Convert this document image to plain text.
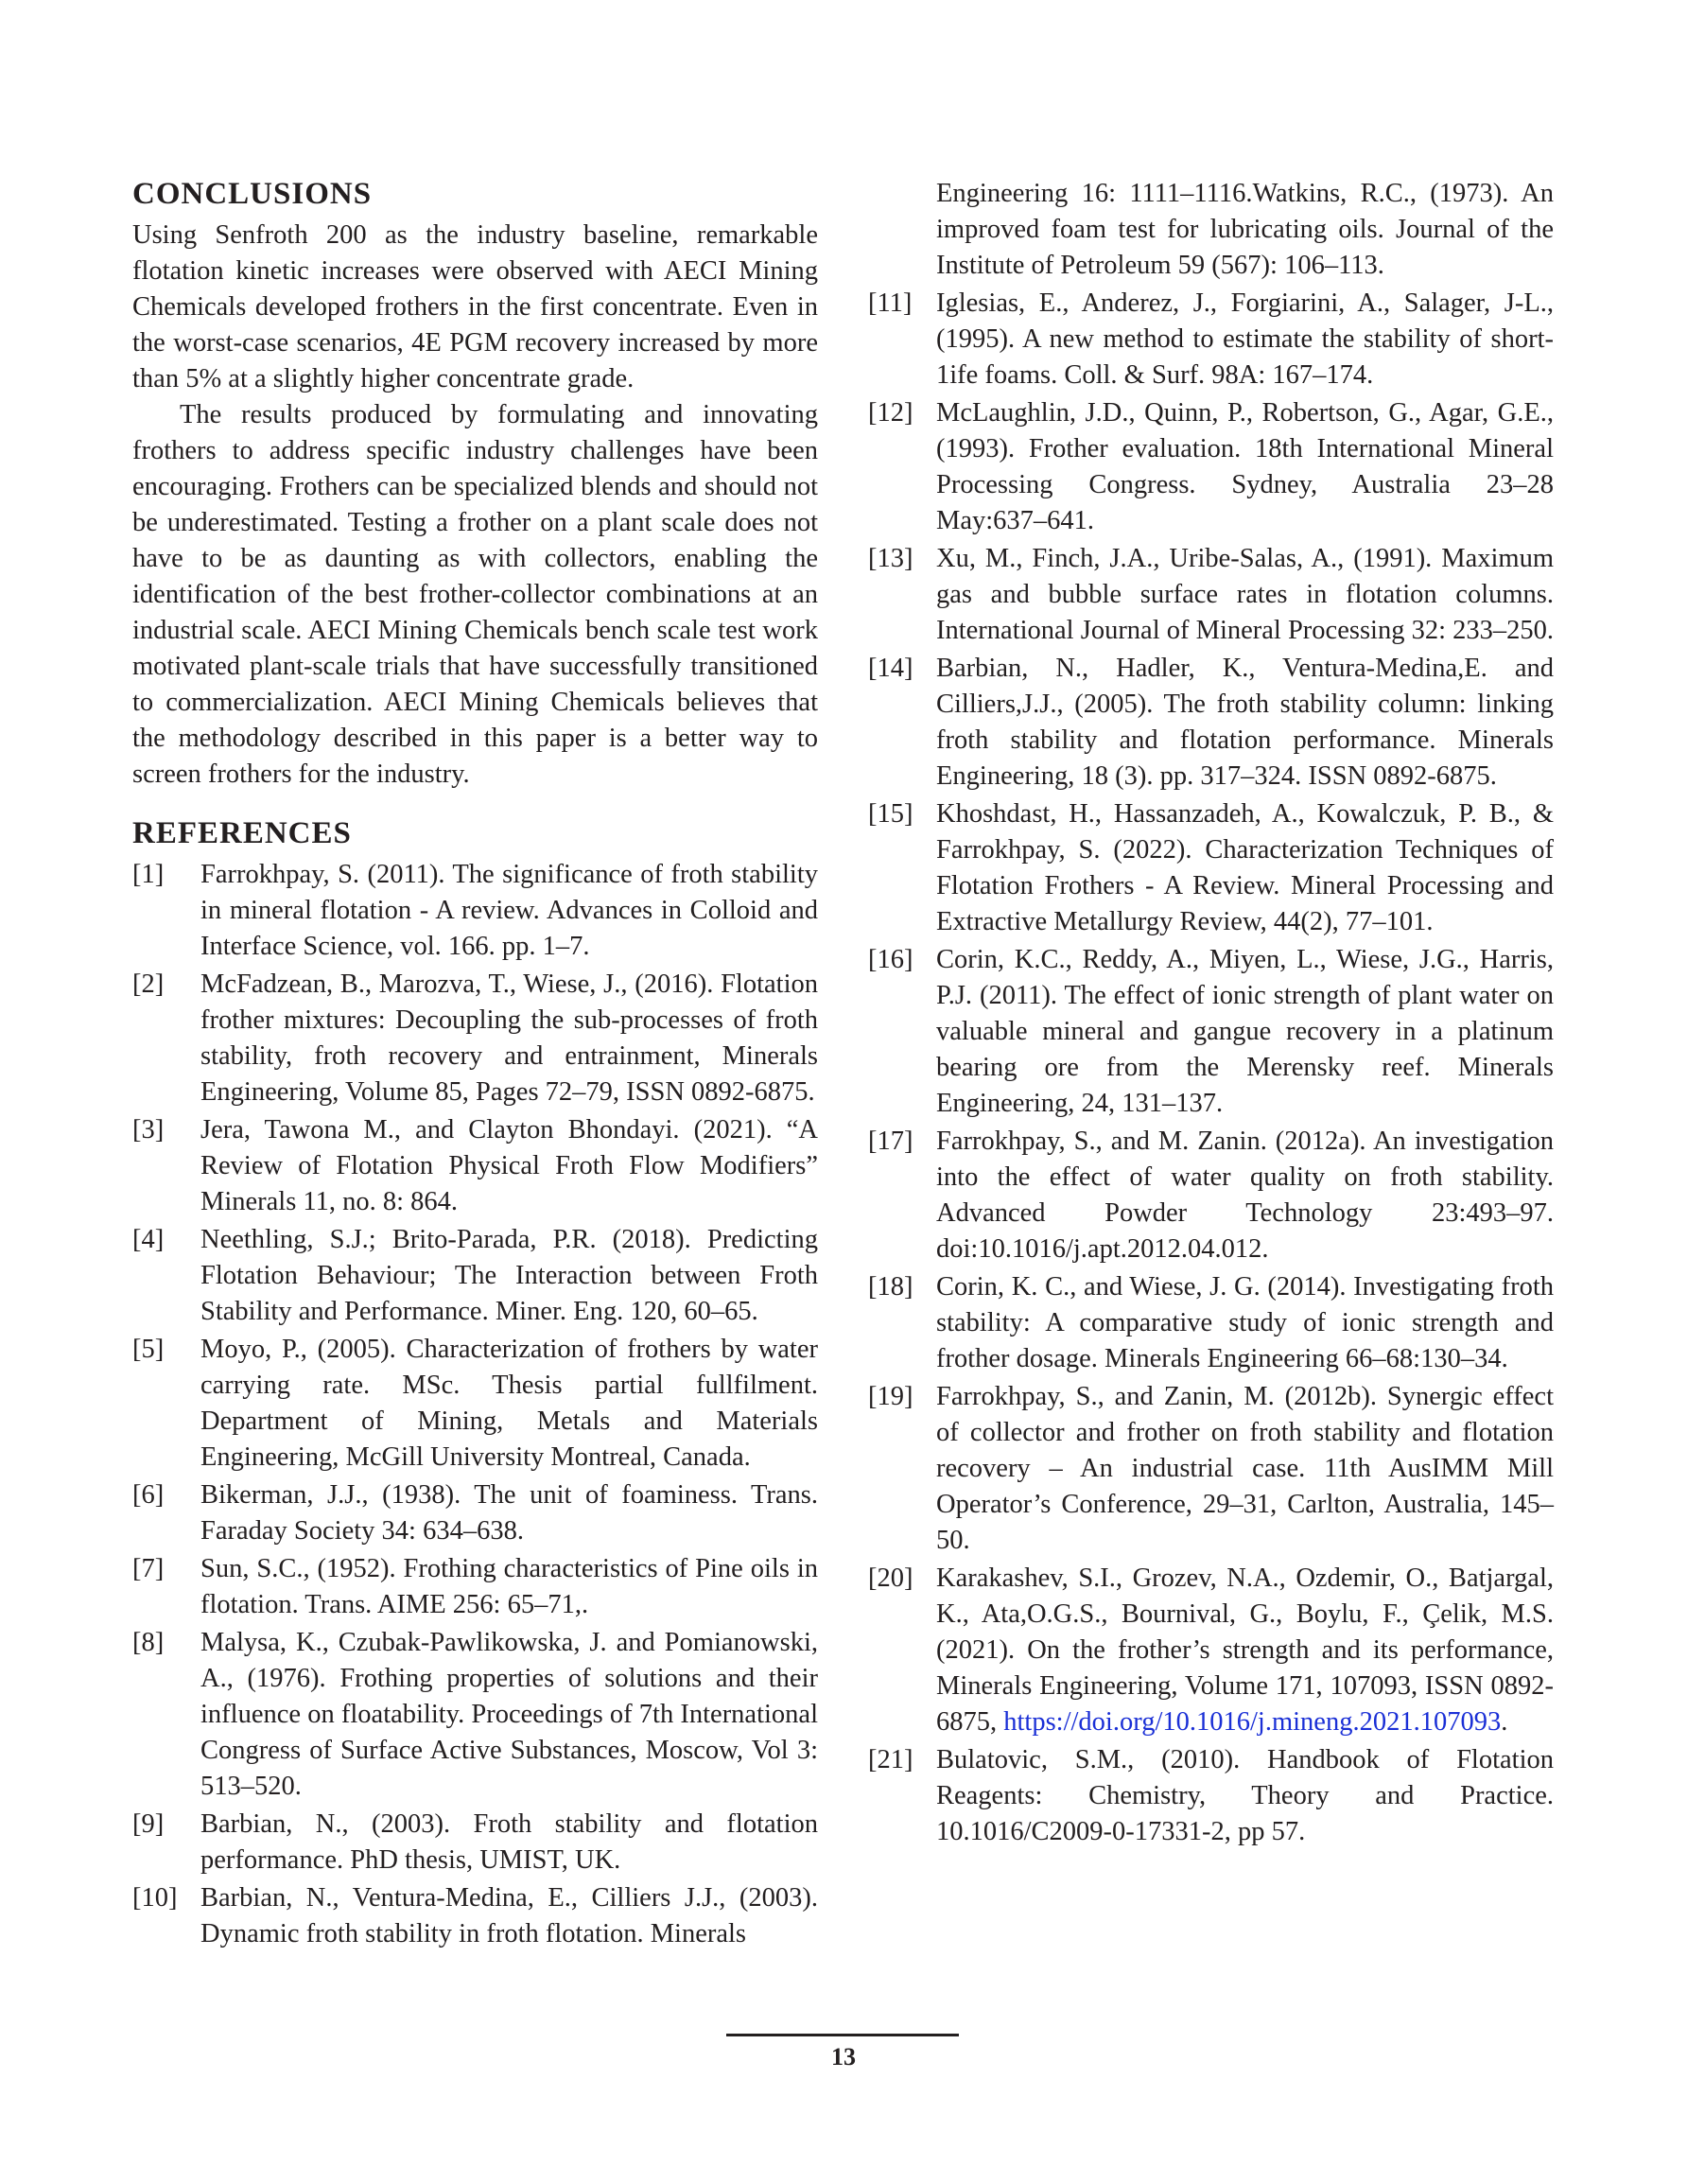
CONCLUSIONS

Using Senfroth 200 as the industry baseline, remarkable flotation kinetic increases were observed with AECI Mining Chemicals developed frothers in the first concentrate. Even in the worst-case scenarios, 4E PGM recovery increased by more than 5% at a slightly higher concentrate grade.

The results produced by formulating and innovating frothers to address specific industry challenges have been encouraging. Frothers can be specialized blends and should not be underestimated. Testing a frother on a plant scale does not have to be as daunting as with collectors, enabling the identification of the best frother-collector combinations at an industrial scale. AECI Mining Chemicals bench scale test work motivated plant-scale trials that have successfully transitioned to commercialization. AECI Mining Chemicals believes that the methodology described in this paper is a better way to screen frothers for the industry.

REFERENCES
[1] Farrokhpay, S. (2011). The significance of froth stability in mineral flotation - A review. Advances in Colloid and Interface Science, vol. 166. pp. 1–7.
[2] McFadzean, B., Marozva, T., Wiese, J., (2016). Flotation frother mixtures: Decoupling the sub-processes of froth stability, froth recovery and entrainment, Minerals Engineering, Volume 85, Pages 72–79, ISSN 0892-6875.
[3] Jera, Tawona M., and Clayton Bhondayi. (2021). “A Review of Flotation Physical Froth Flow Modifiers” Minerals 11, no. 8: 864.
[4] Neethling, S.J.; Brito-Parada, P.R. (2018). Predicting Flotation Behaviour; The Interaction between Froth Stability and Performance. Miner. Eng. 120, 60–65.
[5] Moyo, P., (2005). Characterization of frothers by water carrying rate. MSc. Thesis partial fullfilment. Department of Mining, Metals and Materials Engineering, McGill University Montreal, Canada.
[6] Bikerman, J.J., (1938). The unit of foaminess. Trans. Faraday Society 34: 634–638.
[7] Sun, S.C., (1952). Frothing characteristics of Pine oils in flotation. Trans. AIME 256: 65–71,.
[8] Malysa, K., Czubak-Pawlikowska, J. and Pomianowski, A., (1976). Frothing properties of solutions and their influence on floatability. Proceedings of 7th International Congress of Surface Active Substances, Moscow, Vol 3: 513–520.
[9] Barbian, N., (2003). Froth stability and flotation performance. PhD thesis, UMIST, UK.
[10] Barbian, N., Ventura-Medina, E., Cilliers J.J., (2003). Dynamic froth stability in froth flotation. Minerals
Engineering 16: 1111–1116.Watkins, R.C., (1973). An improved foam test for lubricating oils. Journal of the Institute of Petroleum 59 (567): 106–113.
[11] Iglesias, E., Anderez, J., Forgiarini, A., Salager, J-L., (1995). A new method to estimate the stability of short-1ife foams. Coll. & Surf. 98A: 167–174.
[12] McLaughlin, J.D., Quinn, P., Robertson, G., Agar, G.E., (1993). Frother evaluation. 18th International Mineral Processing Congress. Sydney, Australia 23–28 May:637–641.
[13] Xu, M., Finch, J.A., Uribe-Salas, A., (1991). Maximum gas and bubble surface rates in flotation columns. International Journal of Mineral Processing 32: 233–250.
[14] Barbian, N., Hadler, K., Ventura-Medina,E. and Cilliers,J.J., (2005). The froth stability column: linking froth stability and flotation performance. Minerals Engineering, 18 (3). pp. 317–324. ISSN 0892-6875.
[15] Khoshdast, H., Hassanzadeh, A., Kowalczuk, P. B., & Farrokhpay, S. (2022). Characterization Techniques of Flotation Frothers - A Review. Mineral Processing and Extractive Metallurgy Review, 44(2), 77–101.
[16] Corin, K.C., Reddy, A., Miyen, L., Wiese, J.G., Harris, P.J. (2011). The effect of ionic strength of plant water on valuable mineral and gangue recovery in a platinum bearing ore from the Merensky reef. Minerals Engineering, 24, 131–137.
[17] Farrokhpay, S., and M. Zanin. (2012a). An investigation into the effect of water quality on froth stability. Advanced Powder Technology 23:493–97. doi:10.1016/j.apt.2012.04.012.
[18] Corin, K. C., and Wiese, J. G. (2014). Investigating froth stability: A comparative study of ionic strength and frother dosage. Minerals Engineering 66–68:130–34.
[19] Farrokhpay, S., and Zanin, M. (2012b). Synergic effect of collector and frother on froth stability and flotation recovery – An industrial case. 11th AusIMM Mill Operator’s Conference, 29–31, Carlton, Australia, 145–50.
[20] Karakashev, S.I., Grozev, N.A., Ozdemir, O., Batjargal, K., Ata,O.G.S., Bournival, G., Boylu, F., Çelik, M.S. (2021). On the frother’s strength and its performance, Minerals Engineering, Volume 171, 107093, ISSN 0892-6875, https://doi.org/10.1016/j.mineng.2021.107093.
[21] Bulatovic, S.M., (2010). Handbook of Flotation Reagents: Chemistry, Theory and Practice. 10.1016/C2009-0-17331-2, pp 57.
13
